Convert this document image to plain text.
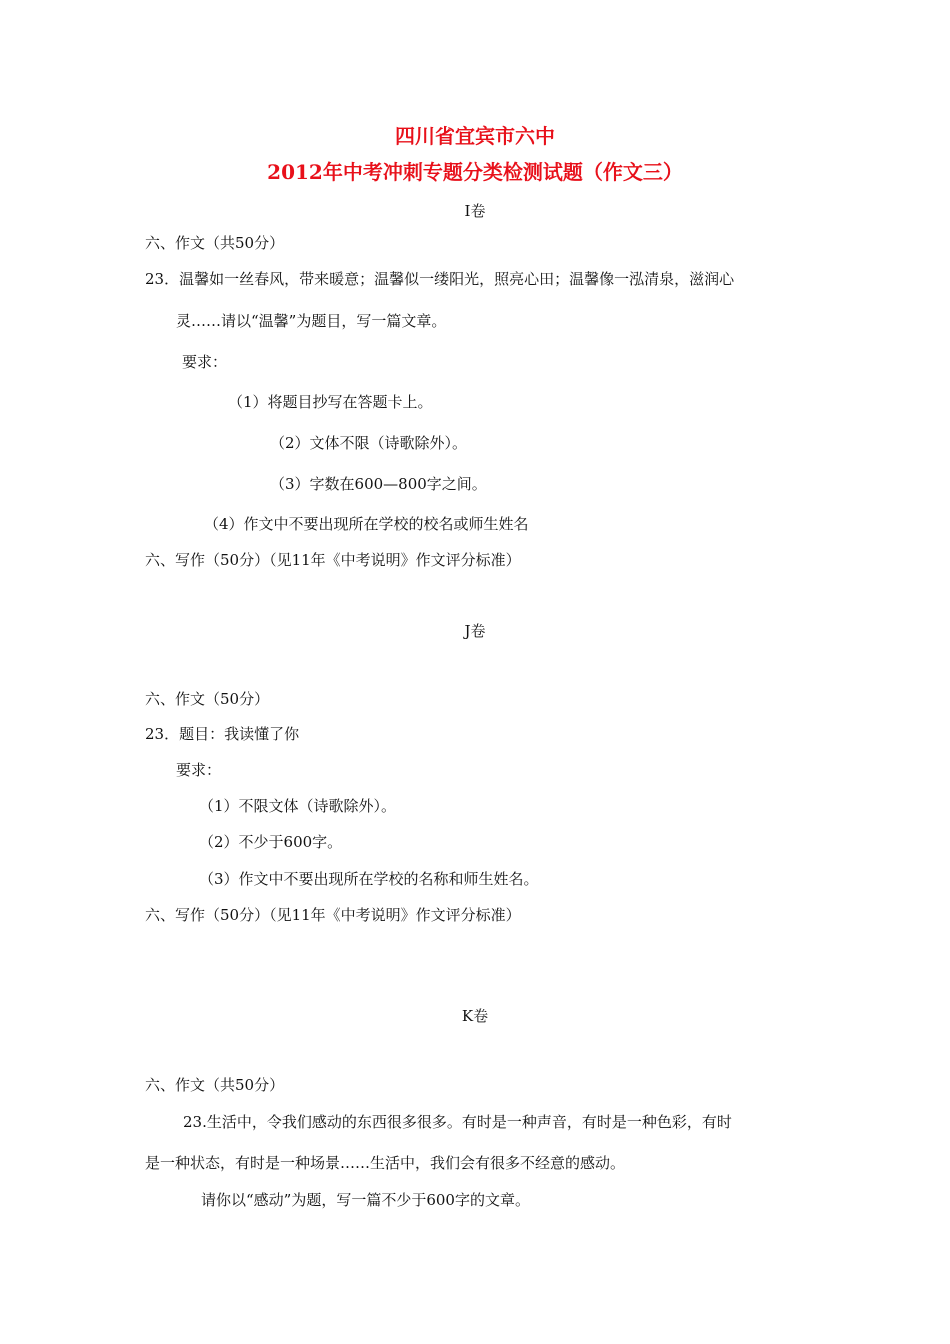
四川省宜宾市六中
2012年中考冲刺专题分类检测试题（作文三）
I卷
六、作文（共50分）
23．温馨如一丝春风，带来暖意；温馨似一缕阳光，照亮心田；温馨像一泓清泉，滋润心
灵……请以“温馨”为题目，写一篇文章。
要求：
（1）将题目抄写在答题卡上。
（2）文体不限（诗歌除外）。
（3）字数在600—800字之间。
（4）作文中不要出现所在学校的校名或师生姓名
六、写作（50分）（见11年《中考说明》作文评分标准）
J卷
六、作文（50分）
23．题目：我读懂了你
要求：
（1）不限文体（诗歌除外）。
（2）不少于600字。
（3）作文中不要出现所在学校的名称和师生姓名。
六、写作（50分）（见11年《中考说明》作文评分标准）
K卷
六、作文（共50分）
23.生活中，令我们感动的东西很多很多。有时是一种声音，有时是一种色彩，有时
是一种状态，有时是一种场景……生活中，我们会有很多不经意的感动。
请你以“感动”为题，写一篇不少于600字的文章。
